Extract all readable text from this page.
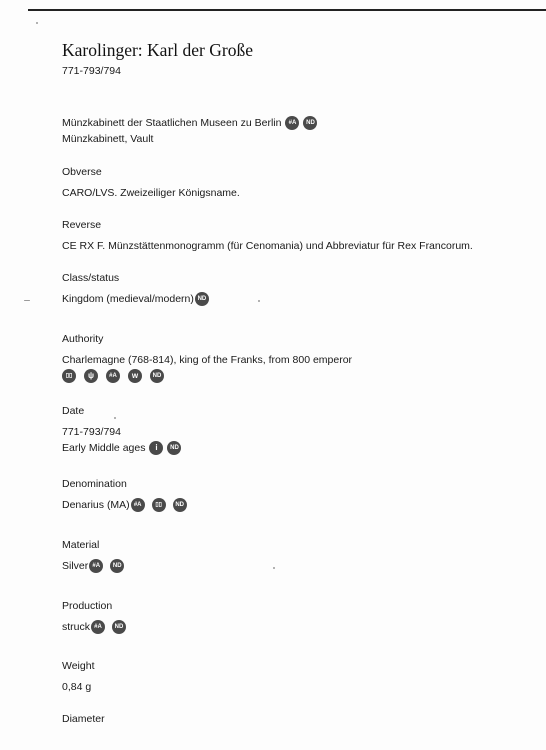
Karolinger: Karl der Große

771-793/794

Münzkabinett der Staatlichen Museen zu Berlin	#A	ND
Münzkabinett, Vault
Obverse
CARO/LVS. Zweizeiliger Königsname.
Reverse
CE RX F. Münzstättenmonogramm (für Cenomania) und Abbreviatur für Rex Francorum.
Class/status
Kingdom (medieval/modern) ND
Authority
Charlemagne (768-814), king of the Franks, from 800 emperor
▯▯	ψ	#A	w	ND
Date
771-793/794
Early Middle ages	i	ND
Denomination
Denarius (MA) #A	▯▯	ND
Material
Silver #A	ND
Production
struck #A	ND
Weight
0,84 g
Diameter
